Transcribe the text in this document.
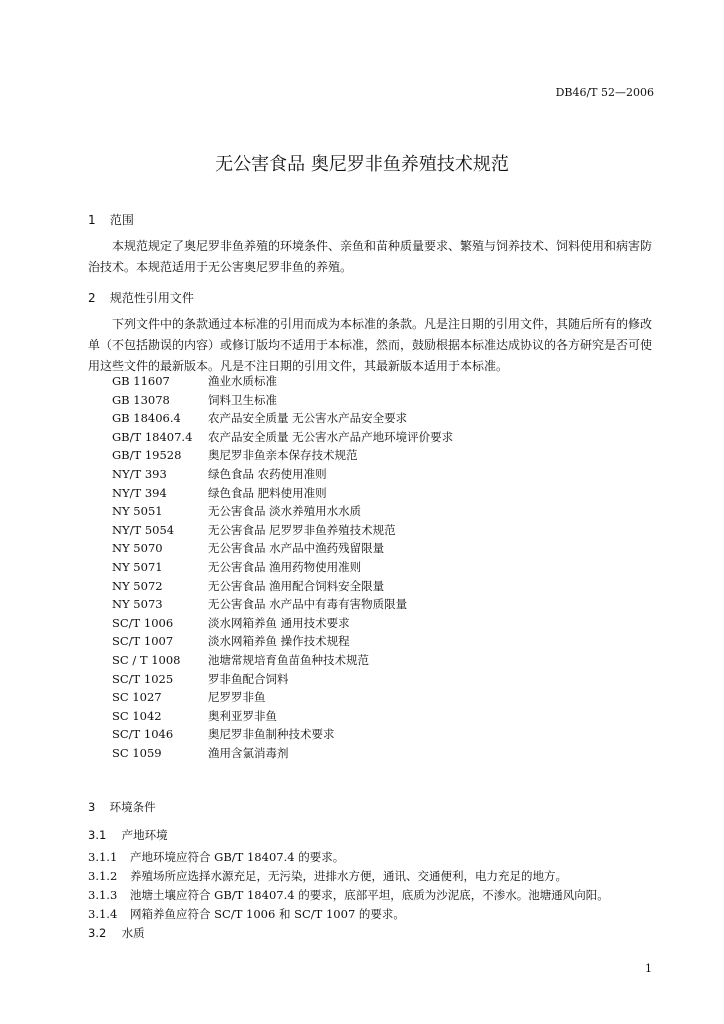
DB46/T 52—2006
无公害食品 奥尼罗非鱼养殖技术规范
1 范围
本规范规定了奥尼罗非鱼养殖的环境条件、亲鱼和苗种质量要求、繁殖与饲养技术、饲料使用和病害防治技术。本规范适用于无公害奥尼罗非鱼的养殖。
2 规范性引用文件
下列文件中的条款通过本标准的引用而成为本标准的条款。凡是注日期的引用文件，其随后所有的修改单（不包括勘误的内容）或修订版均不适用于本标准，然而，鼓励根据本标准达成协议的各方研究是否可使用这些文件的最新版本。凡是不注日期的引用文件，其最新版本适用于本标准。
GB 11607	渔业水质标准
GB 13078	饲料卫生标准
GB 18406.4 农产品安全质量 无公害水产品安全要求
GB/T 18407.4 农产品安全质量 无公害水产品产地环境评价要求
GB/T 19528 奥尼罗非鱼亲本保存技术规范
NY/T 393	绿色食品 农药使用准则
NY/T 394	绿色食品 肥料使用准则
NY 5051	无公害食品 淡水养殖用水水质
NY/T 5054	无公害食品 尼罗罗非鱼养殖技术规范
NY 5070	无公害食品 水产品中渔药残留限量
NY 5071	无公害食品 渔用药物使用准则
NY 5072	无公害食品 渔用配合饲料安全限量
NY 5073	无公害食品 水产品中有毒有害物质限量
SC/T 1006	淡水网箱养鱼 通用技术要求
SC/T 1007	淡水网箱养鱼 操作技术规程
SC / T 1008 池塘常规培育鱼苗鱼种技术规范
SC/T 1025	罗非鱼配合饲料
SC 1027	尼罗罗非鱼
SC 1042	奥利亚罗非鱼
SC/T 1046	奥尼罗非鱼制种技术要求
SC 1059	渔用含氯消毒剂
3 环境条件
3.1 产地环境
3.1.1 产地环境应符合 GB/T 18407.4 的要求。
3.1.2 养殖场所应选择水源充足，无污染，进排水方便，通讯、交通便利，电力充足的地方。
3.1.3 池塘土壤应符合 GB/T 18407.4 的要求，底部平坦，底质为沙泥底，不渗水。池塘通风向阳。
3.1.4 网箱养鱼应符合 SC/T 1006 和 SC/T 1007 的要求。
3.2 水质
1
